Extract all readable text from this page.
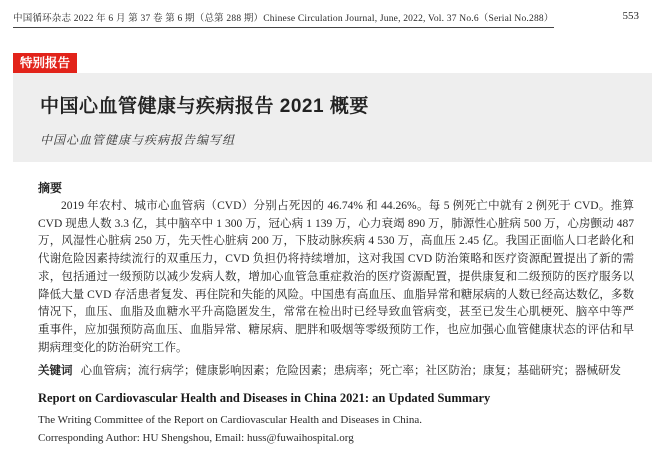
中国循环杂志 2022 年 6 月 第 37 卷 第 6 期（总第 288 期）Chinese Circulation Journal, June, 2022, Vol. 37 No.6（Serial No.288）	553
特别报告
中国心血管健康与疾病报告 2021 概要
中国心血管健康与疾病报告编写组
摘要

2019 年农村、城市心血管病（CVD）分别占死因的 46.74% 和 44.26%。每 5 例死亡中就有 2 例死于 CVD。推算 CVD 现患人数 3.3 亿，其中脑卒中 1 300 万，冠心病 1 139 万，心力衰竭 890 万，肺源性心脏病 500 万，心房颤动 487 万，风湿性心脏病 250 万，先天性心脏病 200 万，下肢动脉疾病 4 530 万，高血压 2.45 亿。我国正面临人口老龄化和代谢危险因素持续流行的双重压力，CVD 负担仍将持续增加，这对我国 CVD 防治策略和医疗资源配置提出了新的需求，包括通过一级预防以减少发病人数，增加心血管急重症救治的医疗资源配置，提供康复和二级预防的医疗服务以降低大量 CVD 存活患者复发、再住院和失能的风险。中国患有高血压、血脂异常和糖尿病的人数已经高达数亿，多数情况下，血压、血脂及血糖水平升高隐匿发生，常常在检出时已经导致血管病变，甚至已发生心肌梗死、脑卒中等严重事件，应加强预防高血压、血脂异常、糖尿病、肥胖和吸烟等零级预防工作，也应加强心血管健康状态的评估和早期病理变化的防治研究工作。

关键词 心血管病；流行病学；健康影响因素；危险因素；患病率；死亡率；社区防治；康复；基础研究；器械研发
Report on Cardiovascular Health and Diseases in China 2021: an Updated Summary
The Writing Committee of the Report on Cardiovascular Health and Diseases in China.
Corresponding Author: HU Shengshou, Email: huss@fuwaihospital.org
